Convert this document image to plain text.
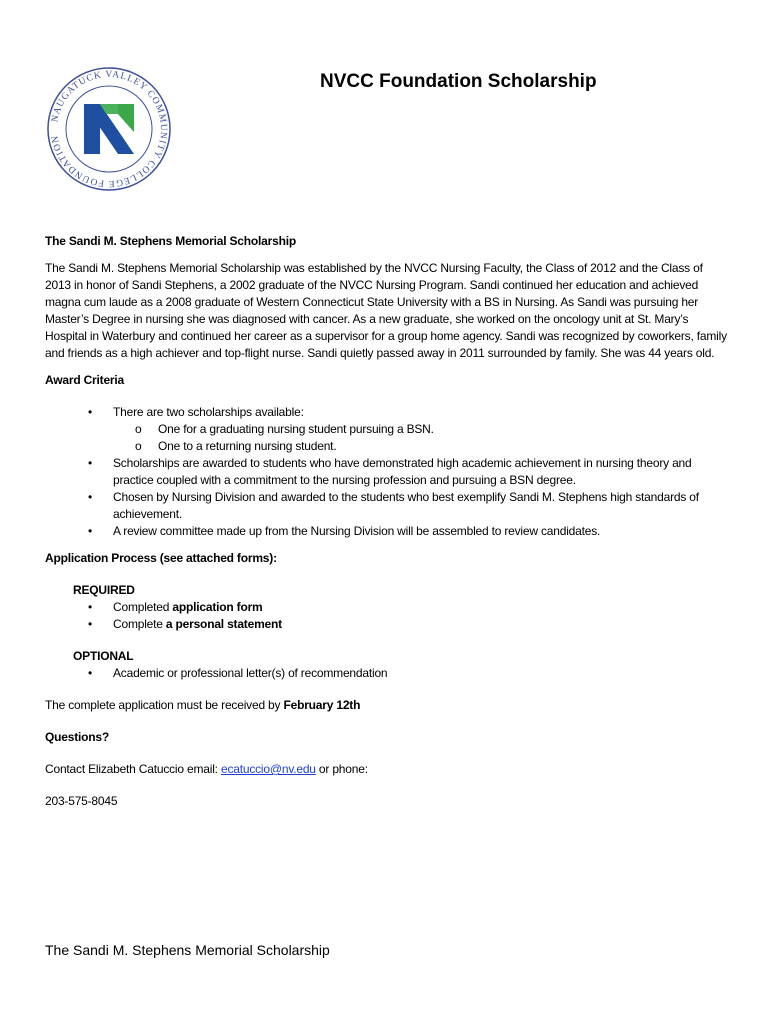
NAUGATUCK VALLEY COMMUNITY COLLEGE FOUNDATION
NVCC Foundation Scholarship

The Sandi M. Stephens Memorial Scholarship

The Sandi M. Stephens Memorial Scholarship was established by the NVCC Nursing Faculty, the Class of 2012 and the Class of 2013 in honor of Sandi Stephens, a 2002 graduate of the NVCC Nursing Program. Sandi continued her education and achieved magna cum laude as a 2008 graduate of Western Connecticut State University with a BS in Nursing. As Sandi was pursuing her Master’s Degree in nursing she was diagnosed with cancer. As a new graduate, she worked on the oncology unit at St. Mary’s Hospital in Waterbury and continued her career as a supervisor for a group home agency. Sandi was recognized by coworkers, family and friends as a high achiever and top-flight nurse. Sandi quietly passed away in 2011 surrounded by family. She was 44 years old.

Award Criteria

• There are two scholarships available:
o One for a graduating nursing student pursuing a BSN.
o One to a returning nursing student.
• Scholarships are awarded to students who have demonstrated high academic achievement in nursing theory and practice coupled with a commitment to the nursing profession and pursuing a BSN degree.
• Chosen by Nursing Division and awarded to the students who best exemplify Sandi M. Stephens high standards of achievement.
• A review committee made up from the Nursing Division will be assembled to review candidates.

Application Process (see attached forms):

REQUIRED

• Completed application form
• Complete a personal statement

OPTIONAL

• Academic or professional letter(s) of recommendation

The complete application must be received by February 12th

Questions?

Contact Elizabeth Catuccio email: ecatuccio@nv.edu or phone:

203-575-8045

The Sandi M. Stephens Memorial Scholarship
